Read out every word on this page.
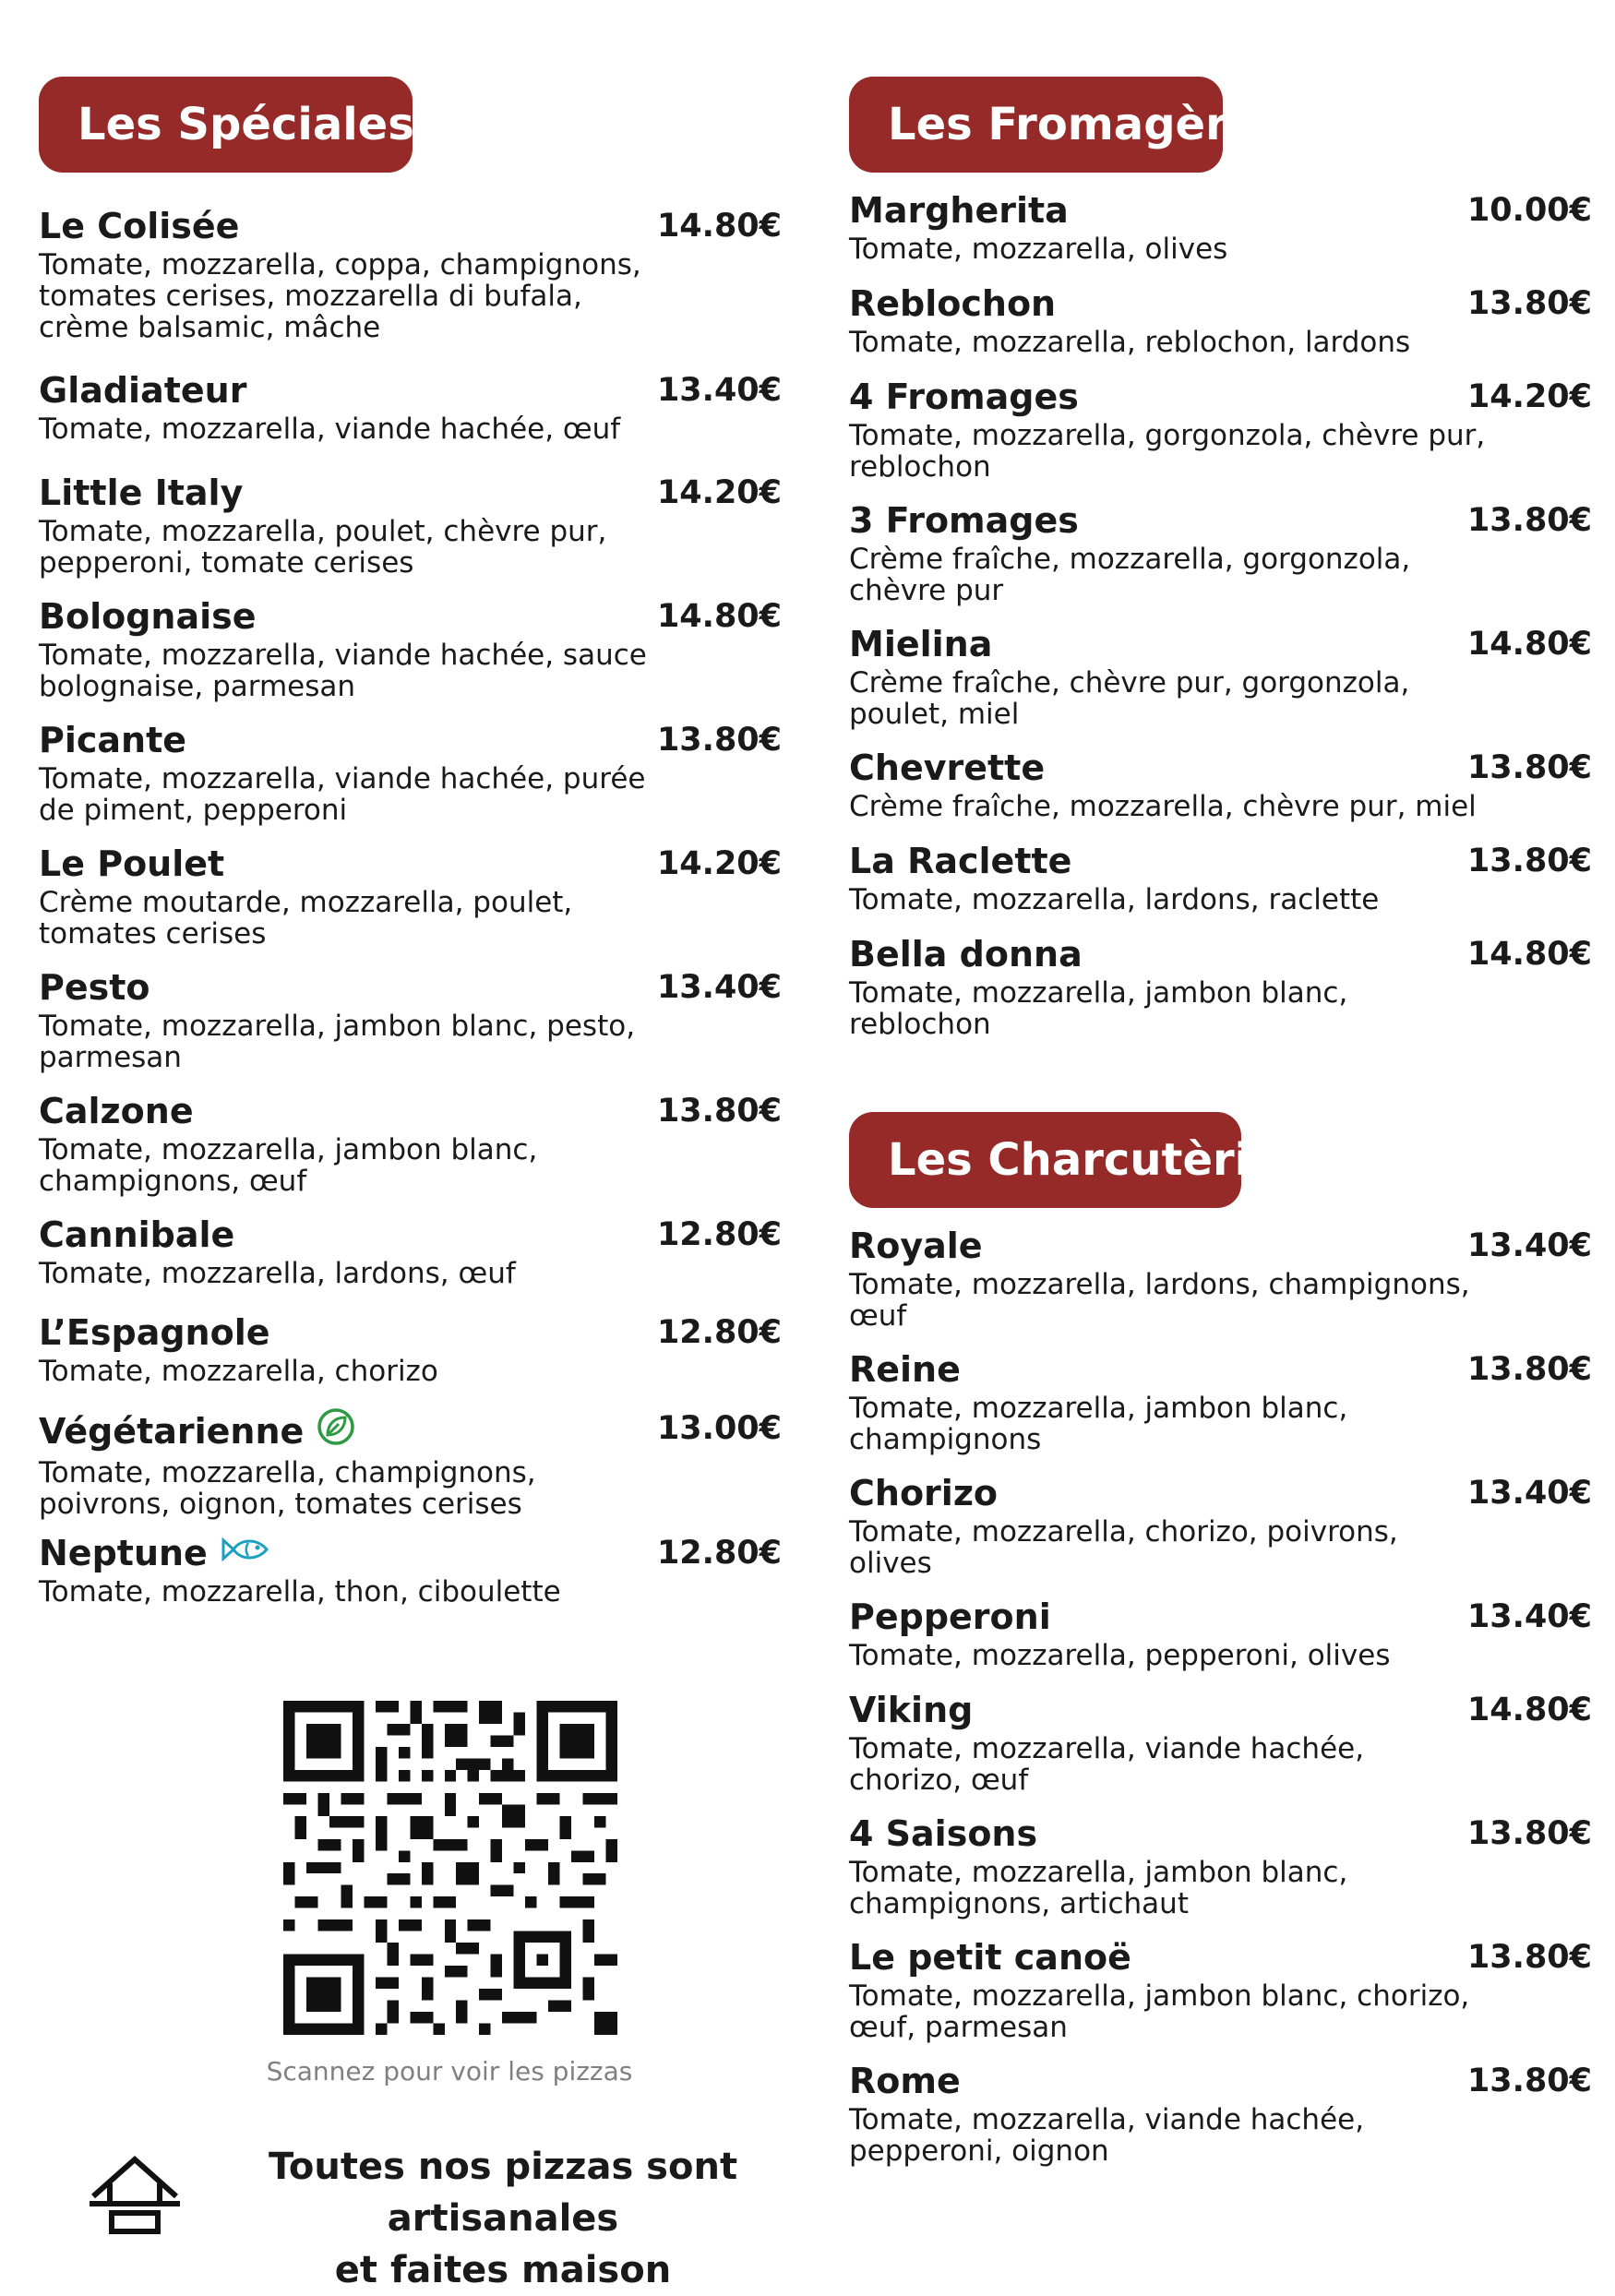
Les Spéciales
Le Colisée
Tomate, mozzarella, coppa, champignons, tomates cerises, mozzarella di bufala, crème balsamic, mâche
14.80€
Gladiateur
Tomate, mozzarella, viande hachée, œuf
13.40€
Little Italy
Tomate, mozzarella, poulet, chèvre pur, pepperoni, tomate cerises
14.20€
Bolognaise
Tomate, mozzarella, viande hachée, sauce bolognaise, parmesan
14.80€
Picante
Tomate, mozzarella, viande hachée, purée de piment, pepperoni
13.80€
Le Poulet
Crème moutarde, mozzarella, poulet, tomates cerises
14.20€
Pesto
Tomate, mozzarella, jambon blanc, pesto, parmesan
13.40€
Calzone
Tomate, mozzarella, jambon blanc, champignons, œuf
13.80€
Cannibale
Tomate, mozzarella, lardons, œuf
12.80€
L’Espagnole
Tomate, mozzarella, chorizo
12.80€
Végétarienne
Tomate, mozzarella, champignons, poivrons, oignon, tomates cerises
13.00€
Neptune
Tomate, mozzarella, thon, ciboulette
12.80€
Scannez pour voir les pizzas
Toutes nos pizzas sont artisanales
et faites maison
Les Fromagères
Margherita
Tomate, mozzarella, olives
10.00€
Reblochon
Tomate, mozzarella, reblochon, lardons
13.80€
4 Fromages
Tomate, mozzarella, gorgonzola, chèvre pur, reblochon
14.20€
3 Fromages
Crème fraîche, mozzarella, gorgonzola, chèvre pur
13.80€
Mielina
Crème fraîche, chèvre pur, gorgonzola, poulet, miel
14.80€
Chevrette
Crème fraîche, mozzarella, chèvre pur, miel
13.80€
La Raclette
Tomate, mozzarella, lardons, raclette
13.80€
Bella donna
Tomate, mozzarella, jambon blanc, reblochon
14.80€
Les Charcutèries
Royale
Tomate, mozzarella, lardons, champignons, œuf
13.40€
Reine
Tomate, mozzarella, jambon blanc, champignons
13.80€
Chorizo
Tomate, mozzarella, chorizo, poivrons, olives
13.40€
Pepperoni
Tomate, mozzarella, pepperoni, olives
13.40€
Viking
Tomate, mozzarella, viande hachée, chorizo, œuf
14.80€
4 Saisons
Tomate, mozzarella, jambon blanc, champignons, artichaut
13.80€
Le petit canoë
Tomate, mozzarella, jambon blanc, chorizo, œuf, parmesan
13.80€
Rome
Tomate, mozzarella, viande hachée, pepperoni, oignon
13.80€
